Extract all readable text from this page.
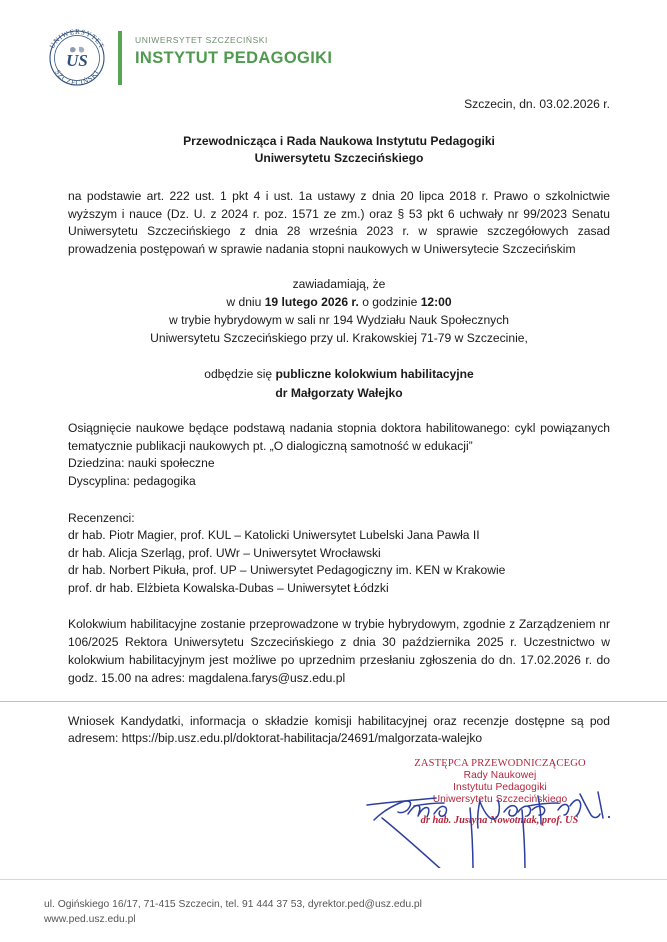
UNIWERSYTET
SZCZECIŃSKI
US
UNIWERSYTET SZCZECIŃSKI
INSTYTUT PEDAGOGIKI
Szczecin, dn. 03.02.2026 r.
Przewodnicząca i Rada Naukowa Instytutu Pedagogiki
Uniwersytetu Szczecińskiego

na podstawie art. 222 ust. 1 pkt 4 i ust. 1a ustawy z dnia 20 lipca 2018 r. Prawo o szkolnictwie wyższym i nauce (Dz. U. z 2024 r. poz. 1571 ze zm.) oraz § 53 pkt 6 uchwały nr 99/2023 Senatu Uniwersytetu Szczecińskiego z dnia 28 września 2023 r. w sprawie szczegółowych zasad prowadzenia postępowań w sprawie nadania stopni naukowych w Uniwersytecie Szczecińskim

zawiadamiają, że
w dniu 19 lutego 2026 r. o godzinie 12:00
w trybie hybrydowym w sali nr 194 Wydziału Nauk Społecznych
Uniwersytetu Szczecińskiego przy ul. Krakowskiej 71-79 w Szczecinie,
odbędzie się publiczne kolokwium habilitacyjne
dr Małgorzaty Wałejko

Osiągnięcie naukowe będące podstawą nadania stopnia doktora habilitowanego: cykl powiązanych tematycznie publikacji naukowych pt. „O dialogiczną samotność w edukacji”

Dziedzina: nauki społeczne
Dyscyplina: pedagogika
Recenzenci:
dr hab. Piotr Magier, prof. KUL – Katolicki Uniwersytet Lubelski Jana Pawła II
dr hab. Alicja Szerląg, prof. UWr – Uniwersytet Wrocławski
dr hab. Norbert Pikuła, prof. UP – Uniwersytet Pedagogiczny im. KEN w Krakowie
prof. dr hab. Elżbieta Kowalska-Dubas – Uniwersytet Łódzki

Kolokwium habilitacyjne zostanie przeprowadzone w trybie hybrydowym, zgodnie z Zarządzeniem nr 106/2025 Rektora Uniwersytetu Szczecińskiego z dnia 30 października 2025 r. Uczestnictwo w kolokwium habilitacyjnym jest możliwe po uprzednim przesłaniu zgłoszenia do dn. 17.02.2026 r. do godz. 15.00 na adres: magdalena.farys@usz.edu.pl

Wniosek Kandydatki, informacja o składzie komisji habilitacyjnej oraz recenzje dostępne są pod adresem: https://bip.usz.edu.pl/doktorat-habilitacja/24691/malgorzata-walejko

ZASTĘPCA PRZEWODNICZĄCEGO
Rady Naukowej
Instytutu Pedagogiki
Uniwersytetu Szczecińskiego
dr hab. Justyna Nowotniak, prof. US
ul. Ogińskiego 16/17, 71-415 Szczecin, tel. 91 444 37 53, dyrektor.ped@usz.edu.pl
www.ped.usz.edu.pl
